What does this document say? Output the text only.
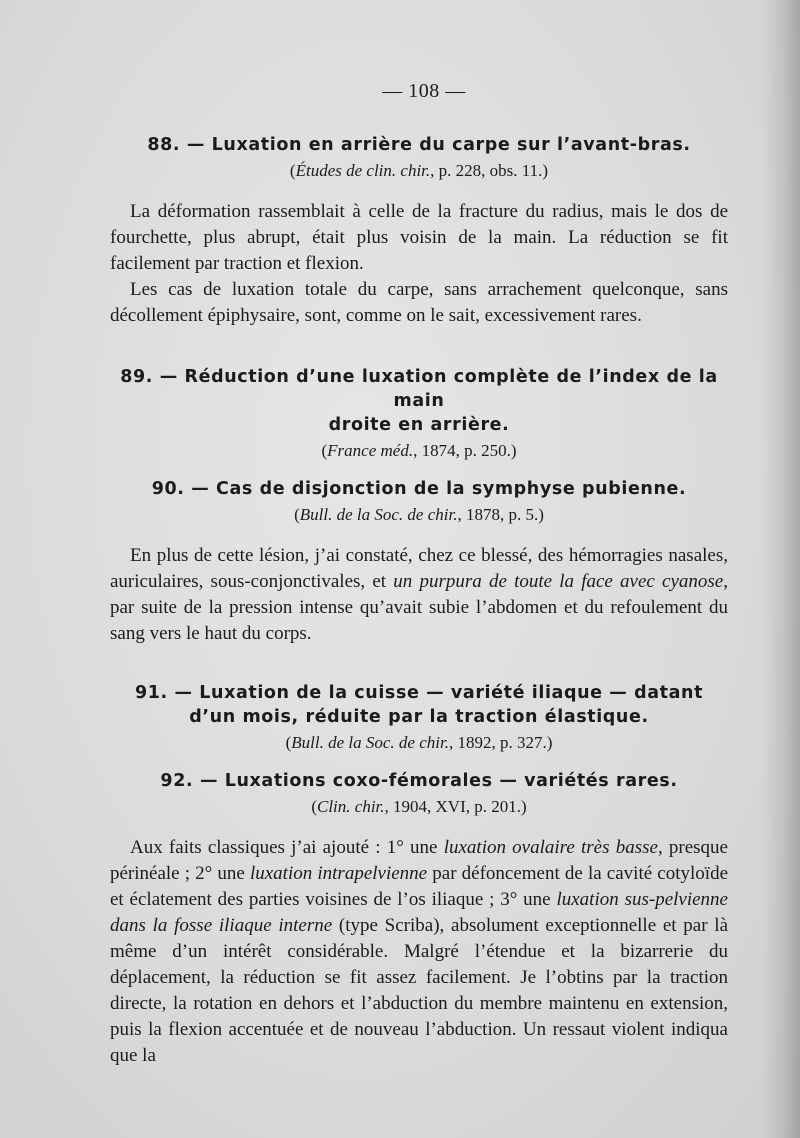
— 108 —
88. — Luxation en arrière du carpe sur l’avant-bras.
(Études de clin. chir., p. 228, obs. 11.)

La déformation rassemblait à celle de la fracture du radius, mais le dos de fourchette, plus abrupt, était plus voisin de la main. La réduction se fit facilement par traction et flexion.

Les cas de luxation totale du carpe, sans arrachement quelconque, sans décollement épiphysaire, sont, comme on le sait, excessivement rares.

89. — Réduction d’une luxation complète de l’index de la main
droite en arrière.
(France méd., 1874, p. 250.)
90. — Cas de disjonction de la symphyse pubienne.
(Bull. de la Soc. de chir., 1878, p. 5.)

En plus de cette lésion, j’ai constaté, chez ce blessé, des hémorragies nasales, auriculaires, sous-conjonctivales, et un purpura de toute la face avec cyanose, par suite de la pression intense qu’avait subie l’abdomen et du refoulement du sang vers le haut du corps.

91. — Luxation de la cuisse — variété iliaque — datant
d’un mois, réduite par la traction élastique.
(Bull. de la Soc. de chir., 1892, p. 327.)
92. — Luxations coxo-fémorales — variétés rares.
(Clin. chir., 1904, XVI, p. 201.)

Aux faits classiques j’ai ajouté : 1° une luxation ovalaire très basse, presque périnéale ; 2° une luxation intrapelvienne par défoncement de la cavité cotyloïde et éclatement des parties voisines de l’os iliaque ; 3° une luxation sus-pelvienne dans la fosse iliaque interne (type Scriba), absolument exceptionnelle et par là même d’un intérêt considérable. Malgré l’étendue et la bizarrerie du déplacement, la réduction se fit assez facilement. Je l’obtins par la traction directe, la rotation en dehors et l’abduction du membre maintenu en extension, puis la flexion accentuée et de nouveau l’abduction. Un ressaut violent indiqua que la
